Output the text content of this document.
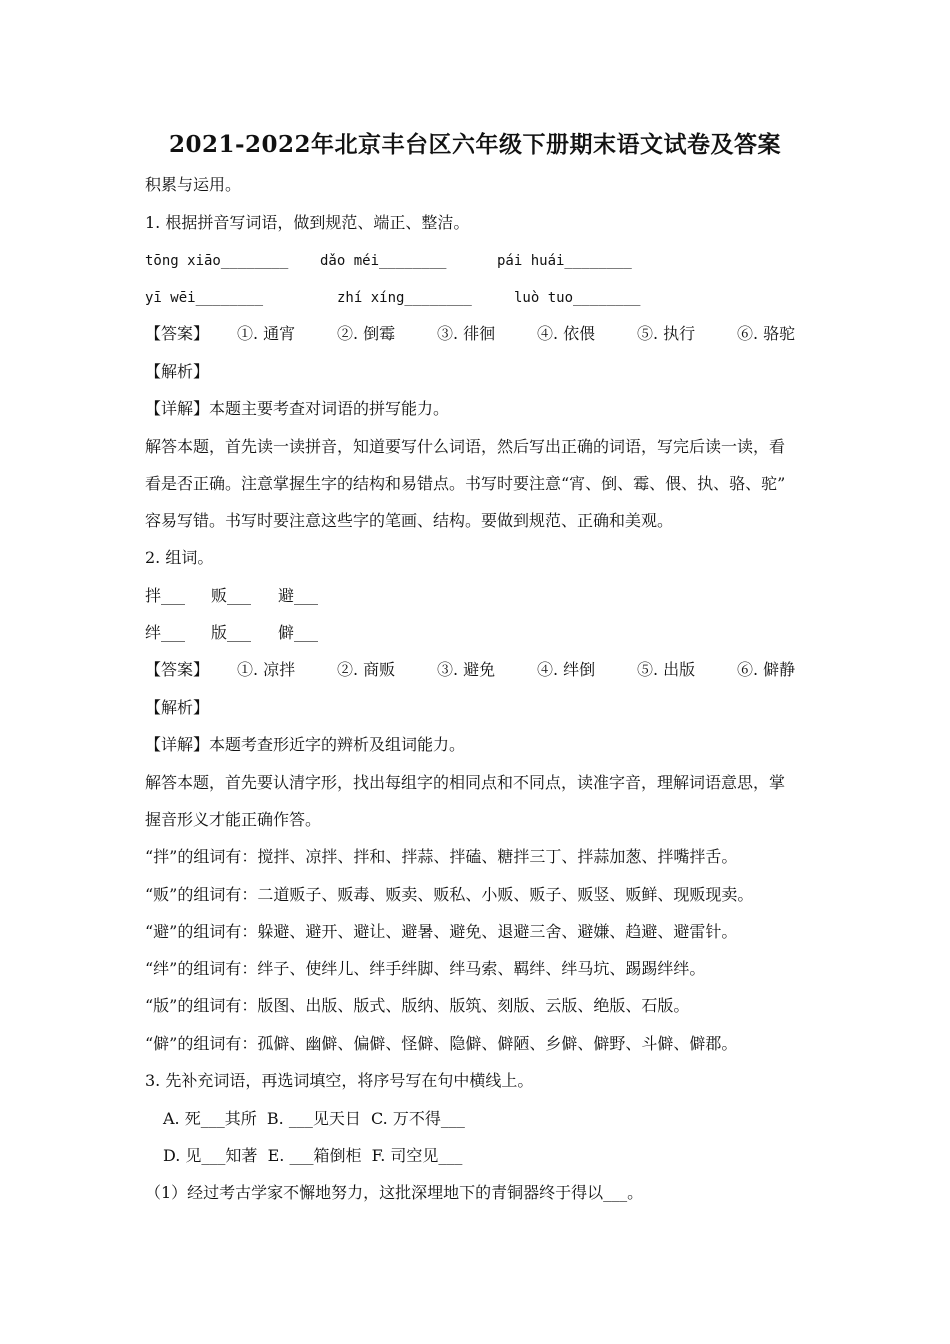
2021-2022年北京丰台区六年级下册期末语文试卷及答案
积累与运用。
1. 根据拼音写词语，做到规范、端正、整洁。
tōng xiāo________ dǎo méi________	pái huái________
yī wēi________	zhí xíng________	luò tuo________
【答案】 ①. 通宵	②. 倒霉	③. 徘徊	④. 依偎	⑤. 执行	⑥. 骆驼
【解析】
【详解】本题主要考查对词语的拼写能力。
解答本题，首先读一读拼音，知道要写什么词语，然后写出正确的词语，写完后读一读，看
看是否正确。注意掌握生字的结构和易错点。书写时要注意“宵、倒、霉、偎、执、骆、驼”
容易写错。书写时要注意这些字的笔画、结构。要做到规范、正确和美观。
2. 组词。
拌___ 贩___ 避___
绊___ 版___ 僻___
【答案】 ①. 凉拌	②. 商贩	③. 避免	④. 绊倒	⑤. 出版	⑥. 僻静
【解析】
【详解】本题考查形近字的辨析及组词能力。
解答本题，首先要认清字形，找出每组字的相同点和不同点，读准字音，理解词语意思，掌
握音形义才能正确作答。
“拌”的组词有：搅拌、凉拌、拌和、拌蒜、拌磕、糖拌三丁、拌蒜加葱、拌嘴拌舌。
“贩”的组词有：二道贩子、贩毒、贩卖、贩私、小贩、贩子、贩竖、贩鲜、现贩现卖。
“避”的组词有：躲避、避开、避让、避暑、避免、退避三舍、避嫌、趋避、避雷针。
“绊”的组词有：绊子、使绊儿、绊手绊脚、绊马索、羁绊、绊马坑、踢踢绊绊。
“版”的组词有：版图、出版、版式、版纳、版筑、刻版、云版、绝版、石版。
“僻”的组词有：孤僻、幽僻、偏僻、怪僻、隐僻、僻陋、乡僻、僻野、斗僻、僻郡。
3. 先补充词语，再选词填空，将序号写在句中横线上。
A. 死___其所  B. ___见天日  C. 万不得___
D. 见___知著  E. ___箱倒柜  F. 司空见___
（1）经过考古学家不懈地努力，这批深埋地下的青铜器终于得以___。
